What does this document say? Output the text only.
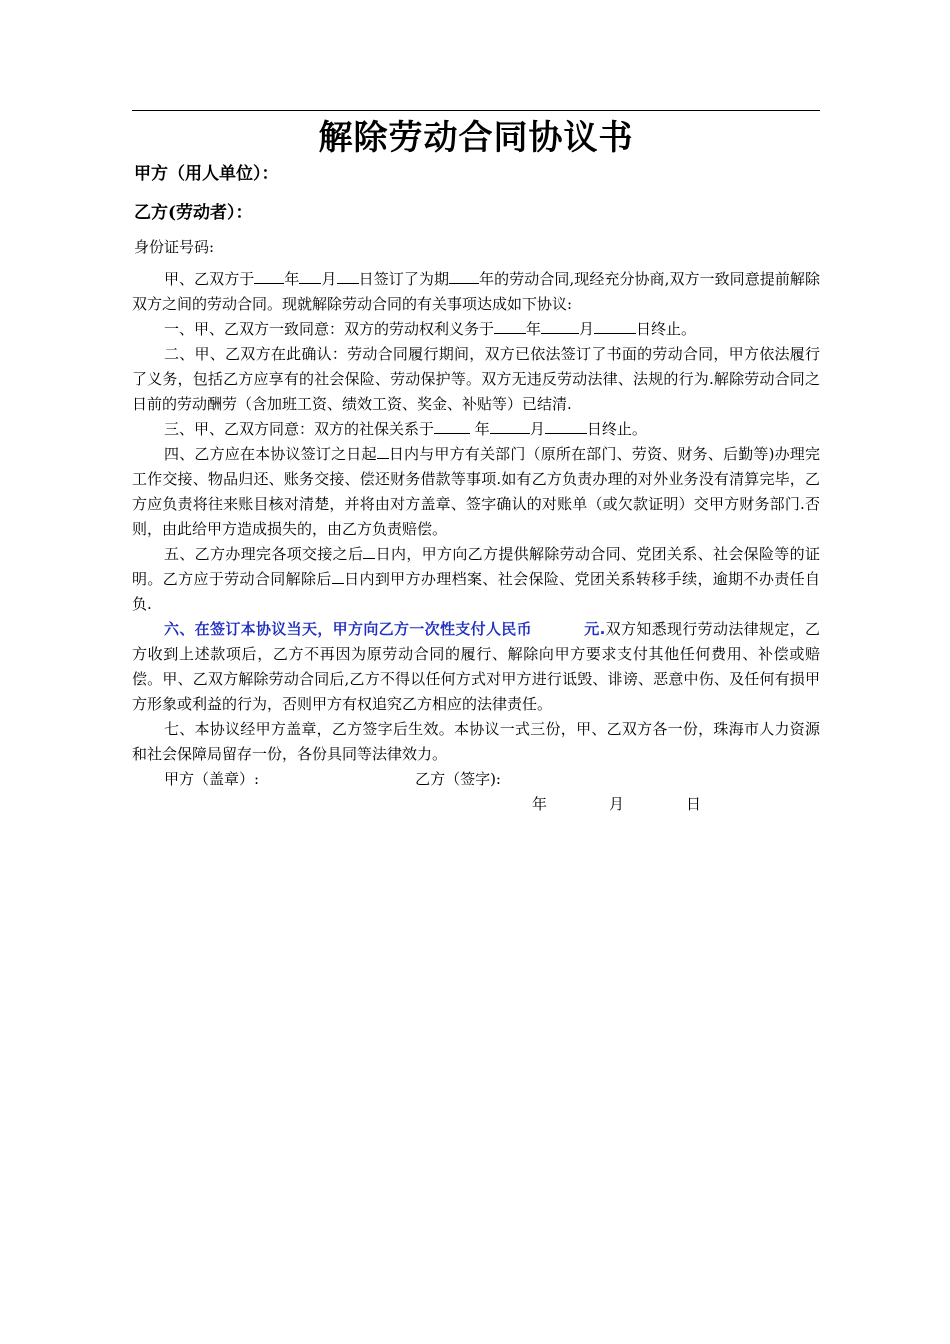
解除劳动合同协议书
甲方（用人单位）：
乙方(劳动者）：
身份证号码:

甲、乙双方于 年 月 日签订了为期 年的劳动合同,现经充分协商,双方一致同意提前解除双方之间的劳动合同。现就解除劳动合同的有关事项达成如下协议:

一、甲、乙双方一致同意：双方的劳动权利义务于 年	月	日终止。

二、甲、乙双方在此确认：劳动合同履行期间，双方已依法签订了书面的劳动合同，甲方依法履行了义务，包括乙方应享有的社会保险、劳动保护等。双方无违反劳动法律、法规的行为.解除劳动合同之日前的劳动酬劳（含加班工资、绩效工资、奖金、补贴等）已结清.

三、甲、乙双方同意：双方的社保关系于	年	月	日终止。

四、乙方应在本协议签订之日起 日内与甲方有关部门（原所在部门、劳资、财务、后勤等)办理完工作交接、物品归还、账务交接、偿还财务借款等事项.如有乙方负责办理的对外业务没有清算完毕，乙方应负责将往来账目核对清楚，并将由对方盖章、签字确认的对账单（或欠款证明）交甲方财务部门.否则，由此给甲方造成损失的，由乙方负责赔偿。

五、乙方办理完各项交接之后 日内，甲方向乙方提供解除劳动合同、党团关系、社会保险等的证明。乙方应于劳动合同解除后 日内到甲方办理档案、社会保险、党团关系转移手续，逾期不办责任自负.

六、在签订本协议当天，甲方向乙方一次性支付人民币	元.双方知悉现行劳动法律规定，乙方收到上述款项后，乙方不再因为原劳动合同的履行、解除向甲方要求支付其他任何费用、补偿或赔偿。甲、乙双方解除劳动合同后,乙方不得以任何方式对甲方进行诋毁、诽谤、恶意中伤、及任何有损甲方形象或利益的行为，否则甲方有权追究乙方相应的法律责任。

七、本协议经甲方盖章，乙方签字后生效。本协议一式三份，甲、乙双方各一份，珠海市人力资源和社会保障局留存一份，各份具同等法律效力。

甲方（盖章）:	乙方（签字):

年	月	日
